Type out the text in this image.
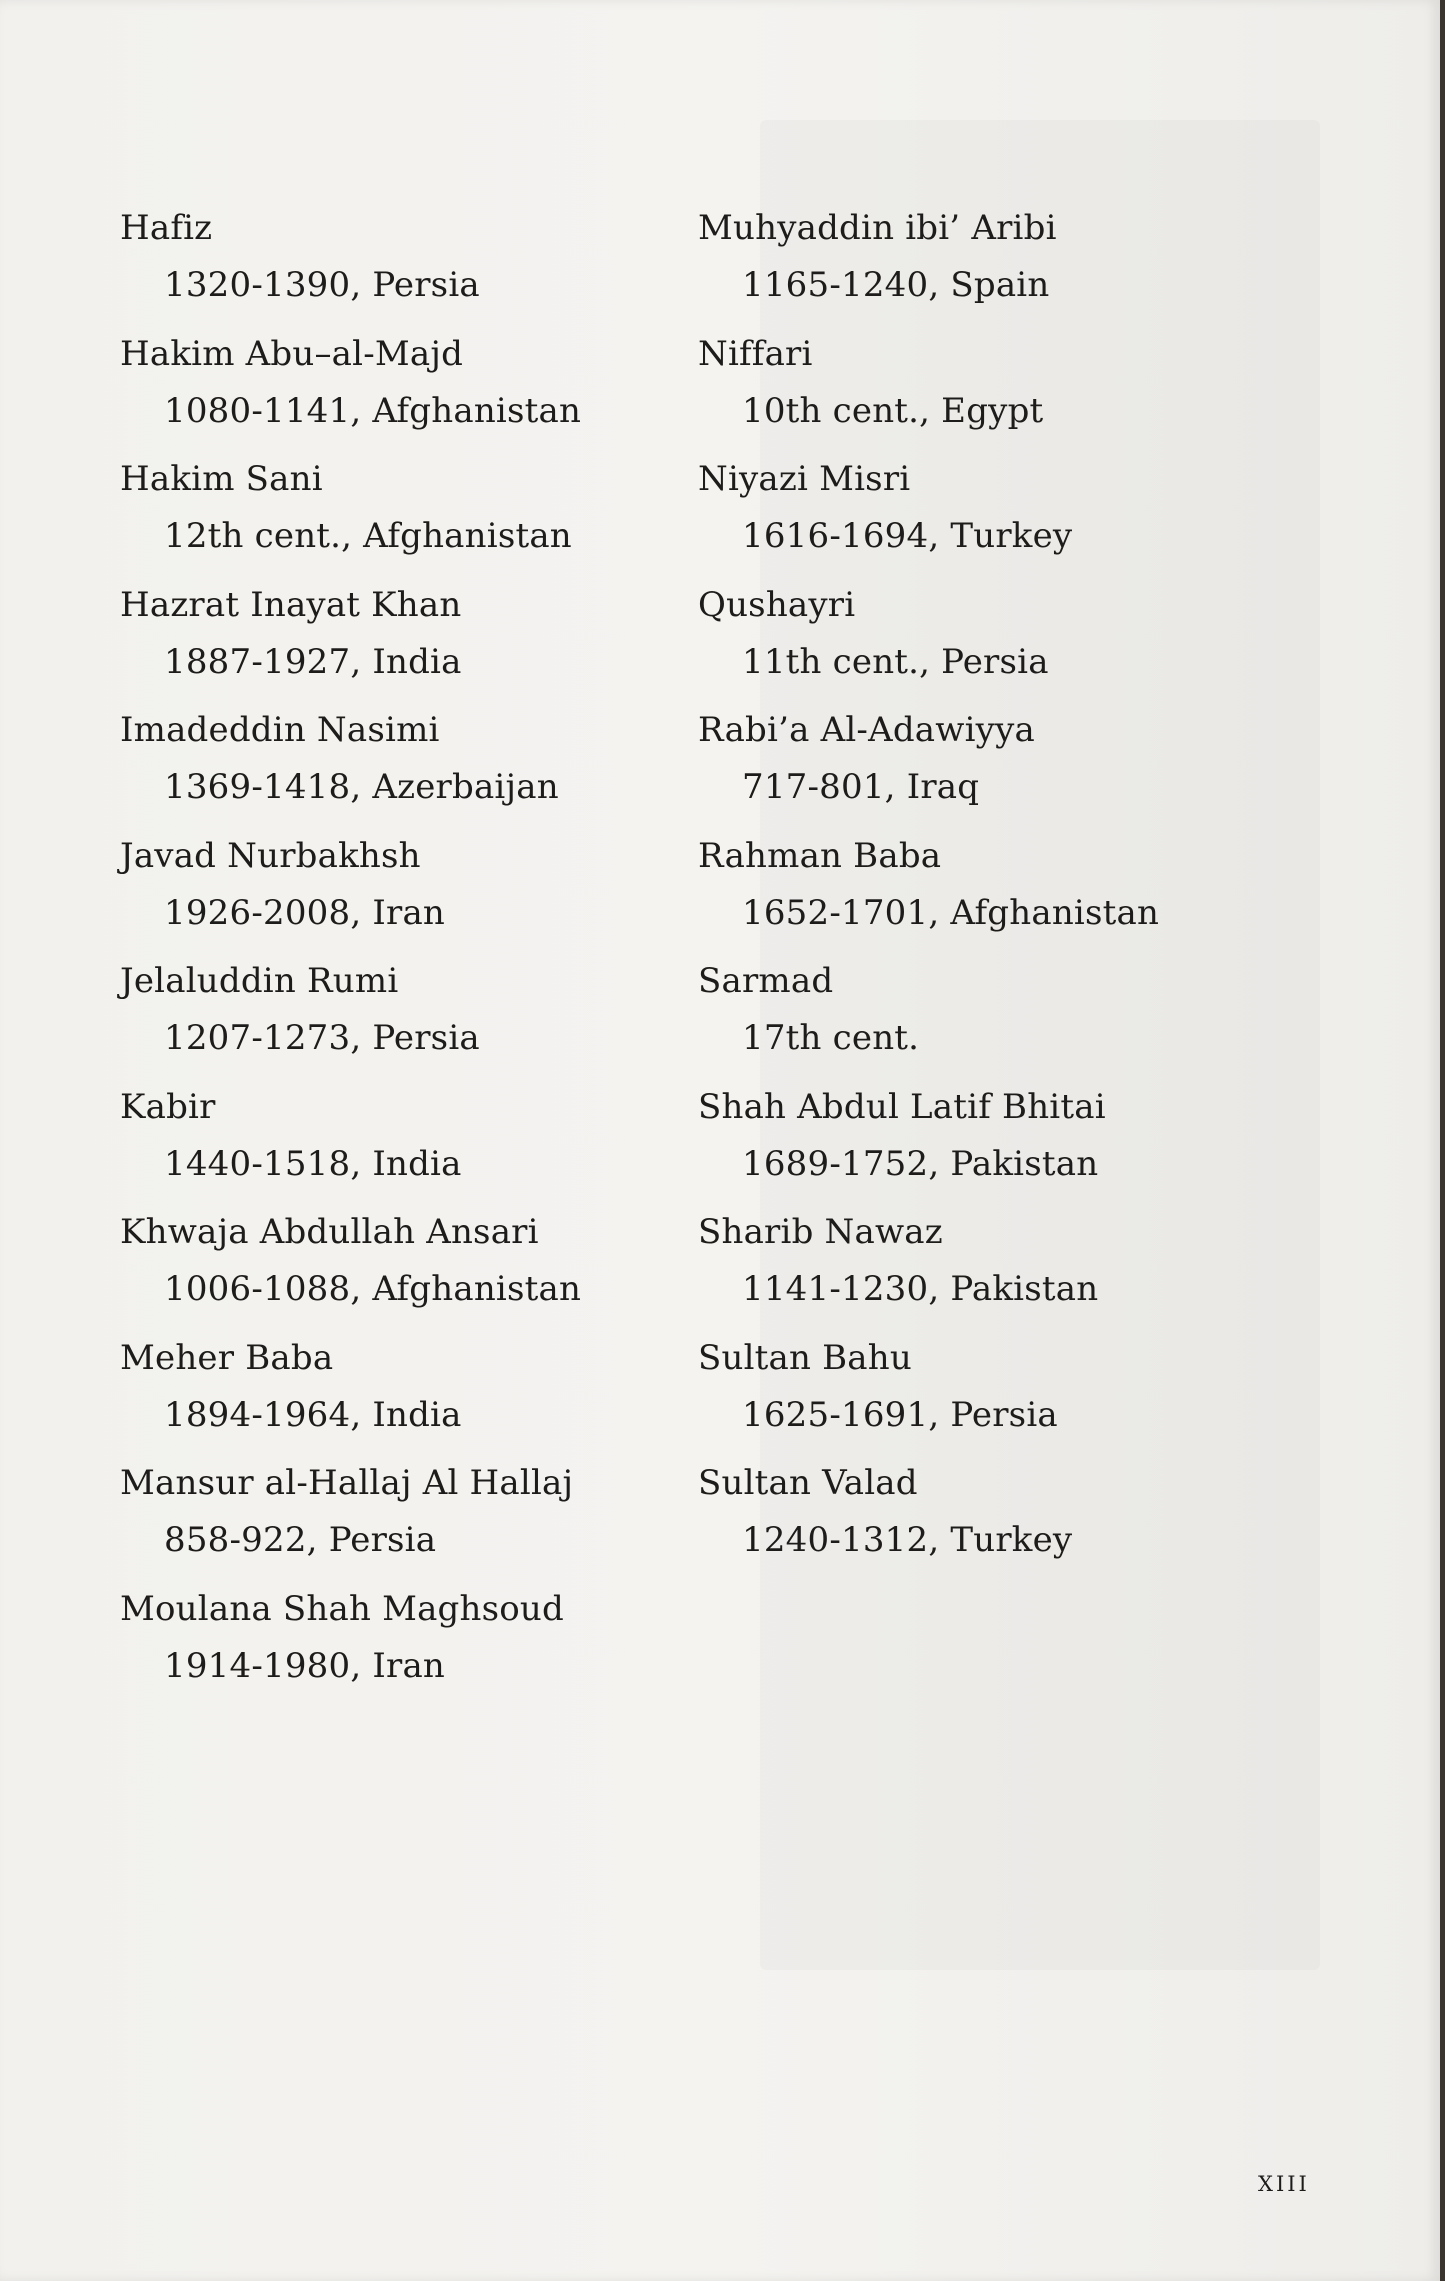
Hafiz
1320-1390, Persia
Hakim Abu–al-Majd
1080-1141, Afghanistan
Hakim Sani
12th cent., Afghanistan
Hazrat Inayat Khan
1887-1927, India
Imadeddin Nasimi
1369-1418, Azerbaijan
Javad Nurbakhsh
1926-2008, Iran
Jelaluddin Rumi
1207-1273, Persia
Kabir
1440-1518, India
Khwaja Abdullah Ansari
1006-1088, Afghanistan
Meher Baba
1894-1964, India
Mansur al-Hallaj Al Hallaj
858-922, Persia
Moulana Shah Maghsoud
1914-1980, Iran
Muhyaddin ibi’ Aribi
1165-1240, Spain
Niffari
10th cent., Egypt
Niyazi Misri
1616-1694, Turkey
Qushayri
11th cent., Persia
Rabi’a Al-Adawiyya
717-801, Iraq
Rahman Baba
1652-1701, Afghanistan
Sarmad
17th cent.
Shah Abdul Latif Bhitai
1689-1752, Pakistan
Sharib Nawaz
1141-1230, Pakistan
Sultan Bahu
1625-1691, Persia
Sultan Valad
1240-1312, Turkey
XIII
